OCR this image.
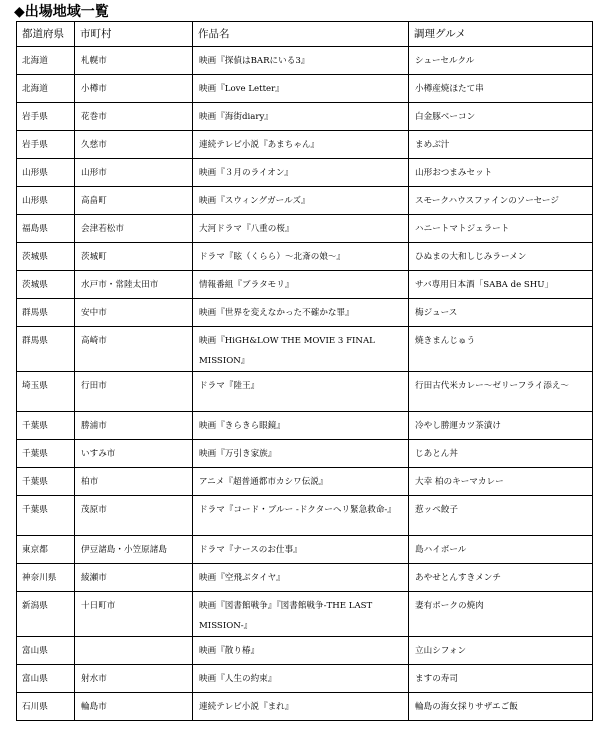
◆出場地域一覧
都道府県	市町村	作品名	調理グルメ
北海道	札幌市	映画『探偵はBARにいる3』	シューセルクル
北海道	小樽市	映画『Love Letter』	小樽産焼ほたて串
岩手県	花巻市	映画『海街diary』	白金豚ベーコン
岩手県	久慈市	連続テレビ小説『あまちゃん』	まめぶ汁
山形県	山形市	映画『３月のライオン』	山形おつまみセット
山形県	高畠町	映画『スウィングガールズ』	スモークハウスファインのソーセージ
福島県	会津若松市	大河ドラマ『八重の桜』	ハニートマトジェラート
茨城県	茨城町	ドラマ『眩（くらら）～北斎の娘～』	ひぬまの大和しじみラーメン
茨城県	水戸市・常陸太田市	情報番組『ブラタモリ』	サバ専用日本酒「SABA de SHU」
群馬県	安中市	映画『世界を変えなかった不確かな罪』	梅ジュース
群馬県	高崎市	映画『HiGH&LOW THE MOVIE 3 FINAL MISSION』	焼きまんじゅう
埼玉県	行田市	ドラマ『陸王』	行田古代米カレー～ゼリーフライ添え～
千葉県	勝浦市	映画『きらきら眼鏡』	冷やし勝運カツ茶漬け
千葉県	いすみ市	映画『万引き家族』	じあとん丼
千葉県	柏市	アニメ『超普通都市カシワ伝説』	大幸 柏のキーマカレー
千葉県	茂原市	ドラマ『コード・ブルー -ドクターヘリ緊急救命-』	惹ッペ餃子
東京都	伊豆諸島・小笠原諸島	ドラマ『ナースのお仕事』	島ハイボール
神奈川県	綾瀬市	映画『空飛ぶタイヤ』	あやせとんすきメンチ
新潟県	十日町市	映画『図書館戦争』『図書館戦争-THE LAST MISSION-』	妻有ポークの焼肉
富山県		映画『散り椿』	立山シフォン
富山県	射水市	映画『人生の約束』	ますの寿司
石川県	輪島市	連続テレビ小説『まれ』	輪島の海女採りサザエご飯
